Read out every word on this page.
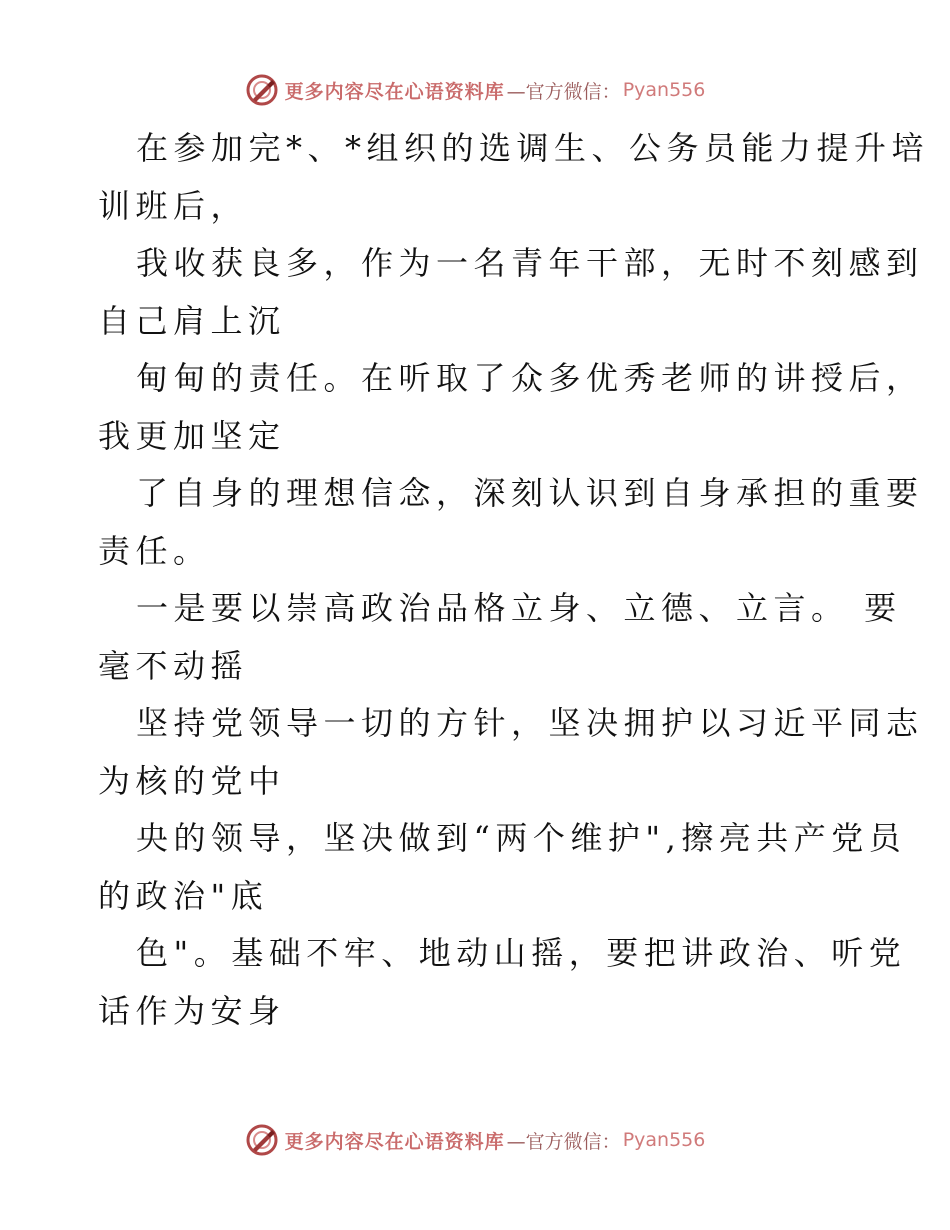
更多内容尽在心语资料库 —官方微信： Pyan556

在参加完*、*组织的选调生、公务员能力提升培
训班后，

我收获良多，作为一名青年干部，无时不刻感到
自己肩上沉

甸甸的责任。在听取了众多优秀老师的讲授后，
我更加坚定

了自身的理想信念，深刻认识到自身承担的重要
责任。

一是要以崇高政治品格立身、立德、立言。 要
毫不动摇

坚持党领导一切的方针，坚决拥护以习近平同志
为核的党中

央的领导，坚决做到“两个维护",擦亮共产党员
的政治"底

色"。基础不牢、地动山摇，要把讲政治、听党
话作为安身

更多内容尽在心语资料库 —官方微信： Pyan556
